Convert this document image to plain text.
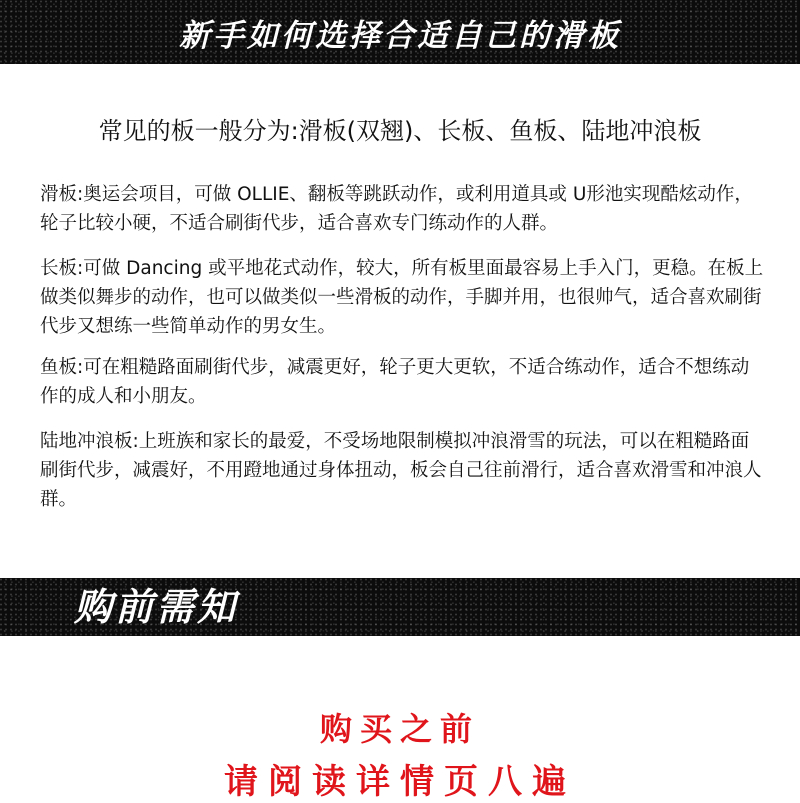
新手如何选择合适自己的滑板
常见的板一般分为:滑板(双翘)、长板、鱼板、陆地冲浪板

滑板:奥运会项目，可做 OLLIE、翻板等跳跃动作，或利用道具或 U形池实现酷炫动作，轮子比较小硬，不适合刷街代步，适合喜欢专门练动作的人群。

长板:可做 Dancing 或平地花式动作，较大，所有板里面最容易上手入门，更稳。在板上做类似舞步的动作，也可以做类似一些滑板的动作，手脚并用，也很帅气，适合喜欢刷街代步又想练一些简单动作的男女生。

鱼板:可在粗糙路面刷街代步，减震更好，轮子更大更软，不适合练动作，适合不想练动作的成人和小朋友。

陆地冲浪板:上班族和家长的最爱，不受场地限制模拟冲浪滑雪的玩法，可以在粗糙路面刷街代步，减震好，不用蹬地通过身体扭动，板会自己往前滑行，适合喜欢滑雪和冲浪人群。

购前需知
购买之前
请阅读详情页八遍
